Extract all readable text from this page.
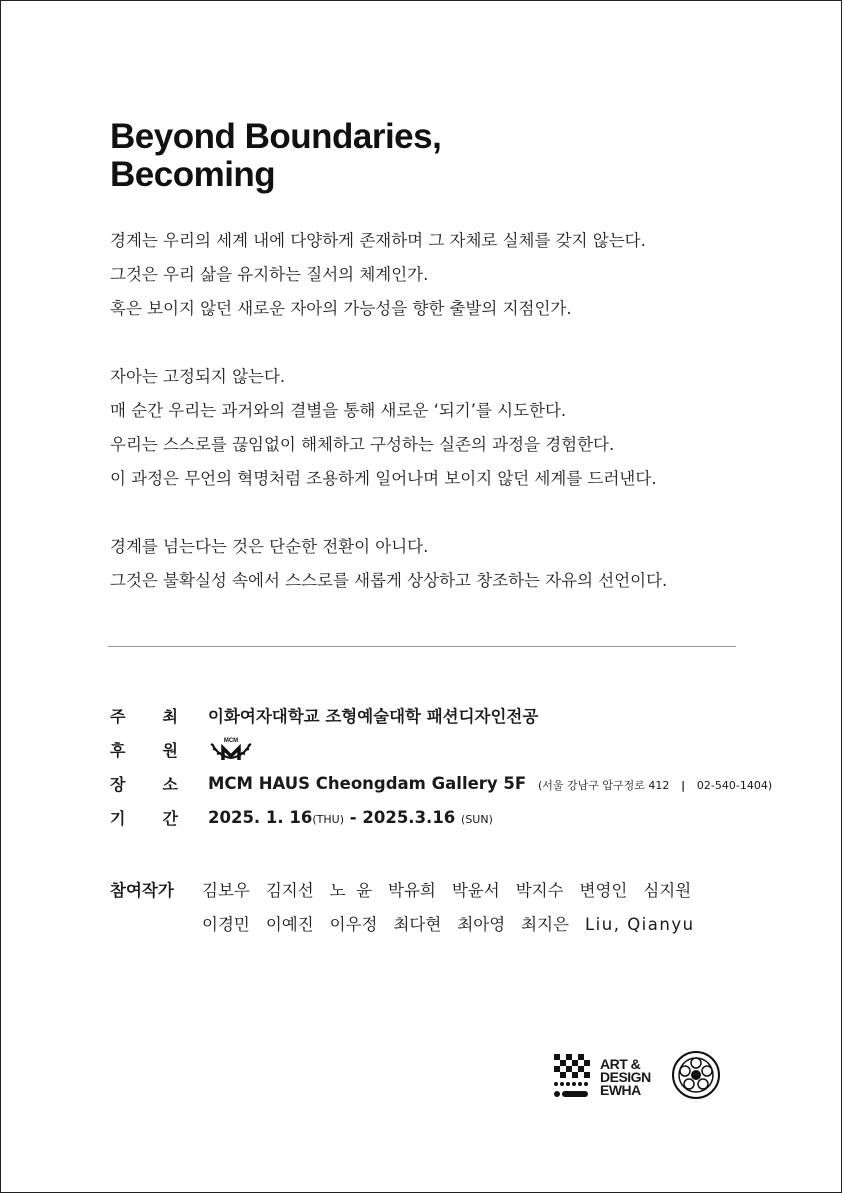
Beyond Boundaries,
Becoming
경계는 우리의 세계 내에 다양하게 존재하며 그 자체로 실체를 갖지 않는다.
그것은 우리 삶을 유지하는 질서의 체계인가.
혹은 보이지 않던 새로운 자아의 가능성을 향한 출발의 지점인가.
자아는 고정되지 않는다.
매 순간 우리는 과거와의 결별을 통해 새로운 ‘되기’를 시도한다.
우리는 스스로를 끊임없이 해체하고 구성하는 실존의 과정을 경험한다.
이 과정은 무언의 혁명처럼 조용하게 일어나며 보이지 않던 세계를 드러낸다.
경계를 넘는다는 것은 단순한 전환이 아니다.
그것은 불확실성 속에서 스스로를 새롭게 상상하고 창조하는 자유의 선언이다.
주 최 이화여자대학교 조형예술대학 패션디자인전공
후 원	MCM
장 소 MCM HAUS Cheongdam Gallery 5F (서울 강남구 압구정로 412 | 02-540-1404)
기 간 2025. 1. 16(THU) - 2025.3.16 (SUN)
참여작가	김보우 김지선 노  윤 박유희 박윤서 박지수 변영인 심지원
이경민 이예진 이우정 최다현 최아영 최지은 Liu, Qianyu
ART &
DESIGN
EWHA
